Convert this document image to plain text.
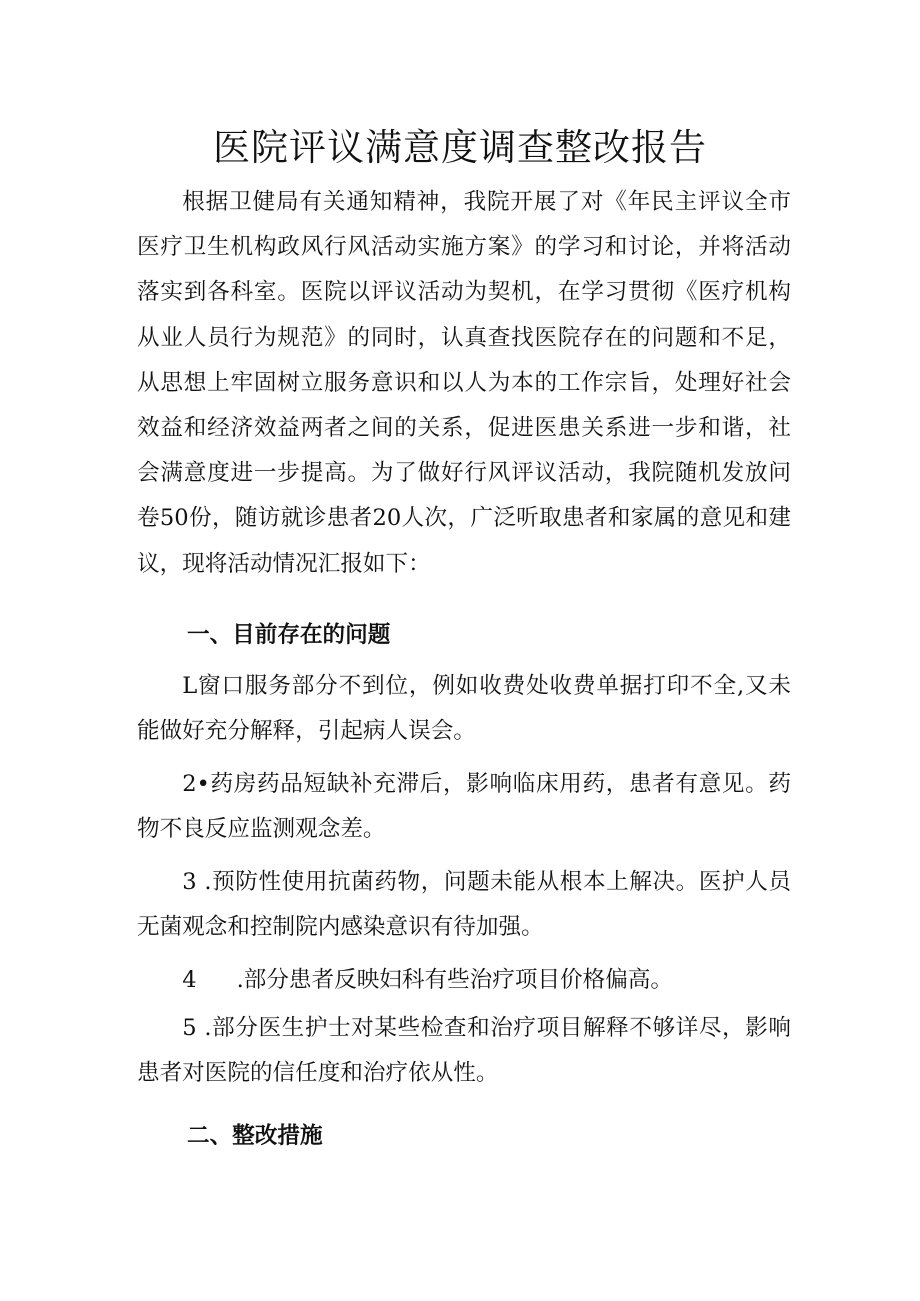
医院评议满意度调查整改报告

根据卫健局有关通知精神，我院开展了对《年民主评议全市医疗卫生机构政风行风活动实施方案》的学习和讨论，并将活动落实到各科室。医院以评议活动为契机，在学习贯彻《医疗机构从业人员行为规范》的同时，认真查找医院存在的问题和不足，从思想上牢固树立服务意识和以人为本的工作宗旨，处理好社会效益和经济效益两者之间的关系，促进医患关系进一步和谐，社会满意度进一步提高。为了做好行风评议活动，我院随机发放问卷50份，随访就诊患者20人次，广泛听取患者和家属的意见和建议，现将活动情况汇报如下：

一、目前存在的问题

L窗口服务部分不到位，例如收费处收费单据打印不全,又未能做好充分解释，引起病人误会。

2•药房药品短缺补充滞后，影响临床用药，患者有意见。药物不良反应监测观念差。

3 .预防性使用抗菌药物，问题未能从根本上解决。医护人员无菌观念和控制院内感染意识有待加强。

4 .部分患者反映妇科有些治疗项目价格偏高。

5 .部分医生护士对某些检查和治疗项目解释不够详尽，影响患者对医院的信任度和治疗依从性。

二、整改措施
